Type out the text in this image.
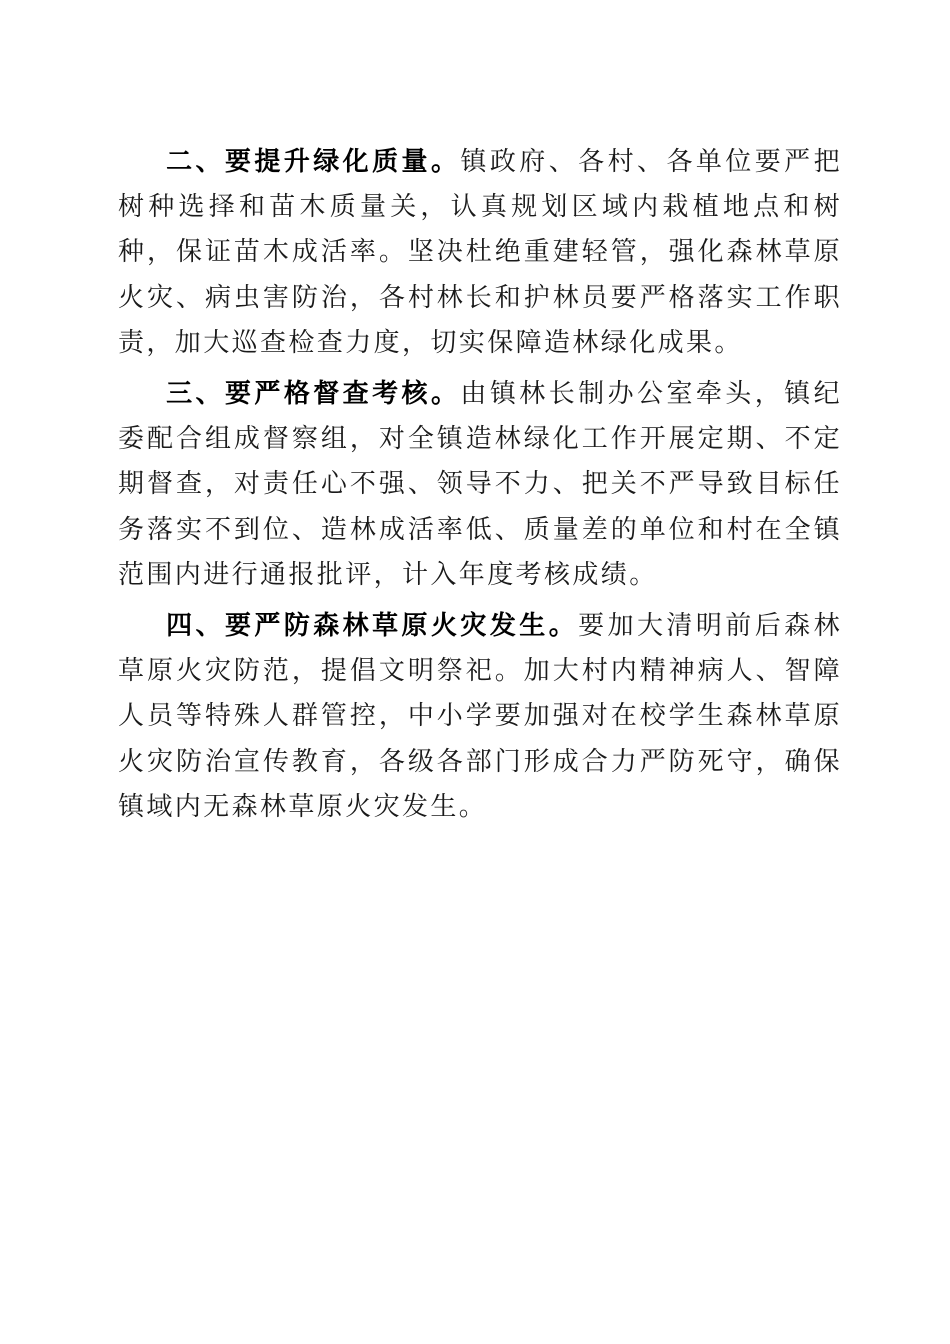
二、要提升绿化质量。镇政府、各村、各单位要严把树种选择和苗木质量关，认真规划区域内栽植地点和树种，保证苗木成活率。坚决杜绝重建轻管，强化森林草原火灾、病虫害防治，各村林长和护林员要严格落实工作职责，加大巡查检查力度，切实保障造林绿化成果。

三、要严格督查考核。由镇林长制办公室牵头，镇纪委配合组成督察组，对全镇造林绿化工作开展定期、不定期督查，对责任心不强、领导不力、把关不严导致目标任务落实不到位、造林成活率低、质量差的单位和村在全镇范围内进行通报批评，计入年度考核成绩。

四、要严防森林草原火灾发生。要加大清明前后森林草原火灾防范，提倡文明祭祀。加大村内精神病人、智障人员等特殊人群管控，中小学要加强对在校学生森林草原火灾防治宣传教育，各级各部门形成合力严防死守，确保镇域内无森林草原火灾发生。
